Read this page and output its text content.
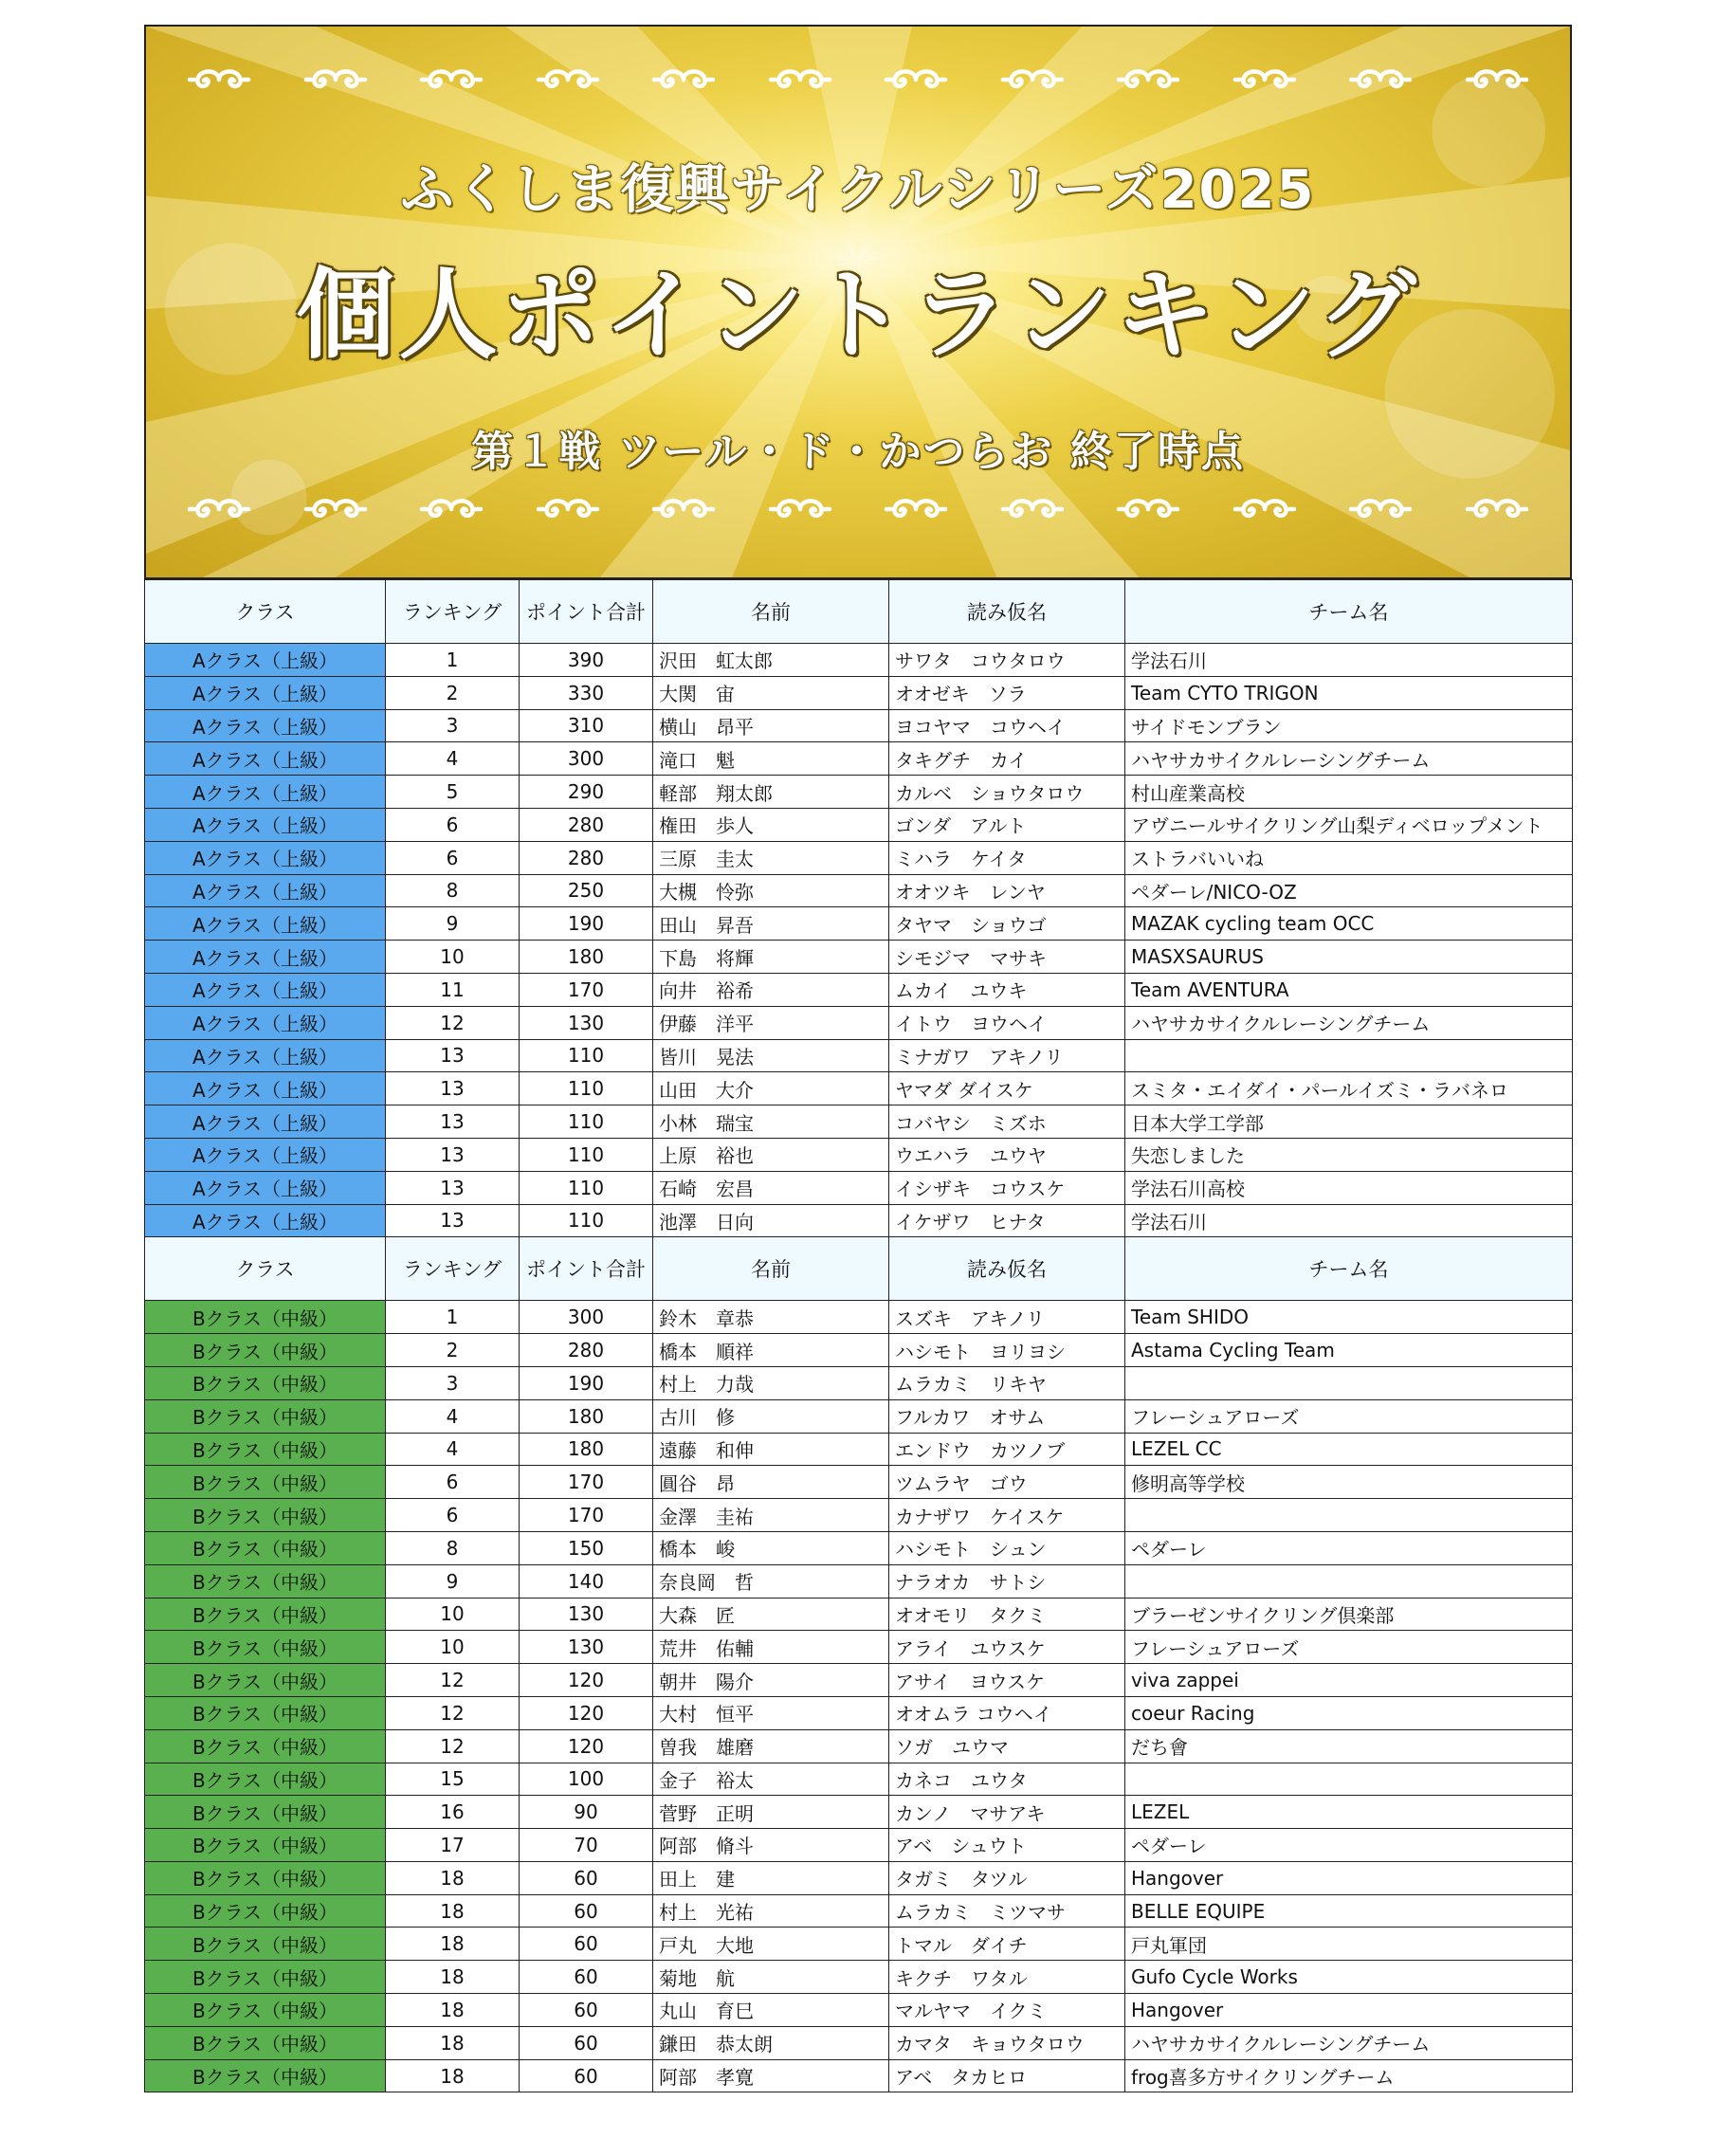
ふくしま復興サイクルシリーズ2025
個人ポイントランキング
第１戦 ツール・ド・かつらお 終了時点
クラス	ランキング	ポイント合計	名前	読み仮名	チーム名
Aクラス（上級）	1	390	沢田　虹太郎	サワタ　コウタロウ	学法石川
Aクラス（上級）	2	330	大関　宙	オオゼキ　ソラ	Team CYTO TRIGON
Aクラス（上級）	3	310	横山　昂平	ヨコヤマ　コウヘイ	サイドモンブラン
Aクラス（上級）	4	300	滝口　魁	タキグチ　カイ	ハヤサカサイクルレーシングチーム
Aクラス（上級）	5	290	軽部　翔太郎	カルベ　ショウタロウ	村山産業高校
Aクラス（上級）	6	280	権田　歩人	ゴンダ　アルト	アヴニールサイクリング山梨ディベロップメント
Aクラス（上級）	6	280	三原　圭太	ミハラ　ケイタ	ストラバいいね
Aクラス（上級）	8	250	大槻　怜弥	オオツキ　レンヤ	ペダーレ/NICO-OZ
Aクラス（上級）	9	190	田山　昇吾	タヤマ　ショウゴ	MAZAK cycling team OCC
Aクラス（上級）	10	180	下島　将輝	シモジマ　マサキ	MASXSAURUS
Aクラス（上級）	11	170	向井　裕希	ムカイ　ユウキ	Team AVENTURA
Aクラス（上級）	12	130	伊藤　洋平	イトウ　ヨウヘイ	ハヤサカサイクルレーシングチーム
Aクラス（上級）	13	110	皆川　晃法	ミナガワ　アキノリ	
Aクラス（上級）	13	110	山田　大介	ヤマダ ダイスケ	スミタ・エイダイ・パールイズミ・ラバネロ
Aクラス（上級）	13	110	小林　瑞宝	コバヤシ　ミズホ	日本大学工学部
Aクラス（上級）	13	110	上原　裕也	ウエハラ　ユウヤ	失恋しました
Aクラス（上級）	13	110	石崎　宏昌	イシザキ　コウスケ	学法石川高校
Aクラス（上級）	13	110	池澤　日向	イケザワ　ヒナタ	学法石川
クラス	ランキング	ポイント合計	名前	読み仮名	チーム名
Bクラス（中級）	1	300	鈴木　章恭	スズキ　アキノリ	Team SHIDO
Bクラス（中級）	2	280	橋本　順祥	ハシモト　ヨリヨシ	Astama Cycling Team
Bクラス（中級）	3	190	村上　力哉	ムラカミ　リキヤ	
Bクラス（中級）	4	180	古川　修	フルカワ　オサム	フレーシュアローズ
Bクラス（中級）	4	180	遠藤　和伸	エンドウ　カツノブ	LEZEL CC
Bクラス（中級）	6	170	圓谷　昂	ツムラヤ　ゴウ	修明高等学校
Bクラス（中級）	6	170	金澤　圭祐	カナザワ　ケイスケ	
Bクラス（中級）	8	150	橋本　峻	ハシモト　シュン	ペダーレ
Bクラス（中級）	9	140	奈良岡　哲	ナラオカ　サトシ	
Bクラス（中級）	10	130	大森　匠	オオモリ　タクミ	ブラーゼンサイクリング倶楽部
Bクラス（中級）	10	130	荒井　佑輔	アライ　ユウスケ	フレーシュアローズ
Bクラス（中級）	12	120	朝井　陽介	アサイ　ヨウスケ	viva zappei
Bクラス（中級）	12	120	大村　恒平	オオムラ コウヘイ	coeur Racing
Bクラス（中級）	12	120	曽我　雄磨	ソガ　ユウマ	だち會
Bクラス（中級）	15	100	金子　裕太	カネコ　ユウタ	
Bクラス（中級）	16	90	菅野　正明	カンノ　マサアキ	LEZEL
Bクラス（中級）	17	70	阿部　脩斗	アベ　シュウト	ペダーレ
Bクラス（中級）	18	60	田上　建	タガミ　タツル	Hangover
Bクラス（中級）	18	60	村上　光祐	ムラカミ　ミツマサ	BELLE EQUIPE
Bクラス（中級）	18	60	戸丸　大地	トマル　ダイチ	戸丸軍団
Bクラス（中級）	18	60	菊地　航	キクチ　ワタル	Gufo Cycle Works
Bクラス（中級）	18	60	丸山　育巳	マルヤマ　イクミ	Hangover
Bクラス（中級）	18	60	鎌田　恭太朗	カマタ　キョウタロウ	ハヤサカサイクルレーシングチーム
Bクラス（中級）	18	60	阿部　孝寛	アベ　タカヒロ	frog喜多方サイクリングチーム
